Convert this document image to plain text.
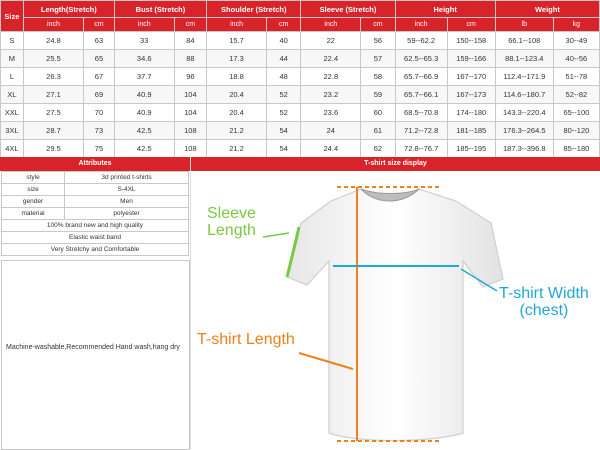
Size	Length(Stretch)		Bust (Stretch)		Shoulder (Stretch)		Sleeve (Stretch)		Height		Weight	
	inch	cm	inch	cm	inch	cm	inch	cm	inch	cm	lb	kg
S	24.8	63	33	84	15.7	40	22	56	59--62.2	150--158	66.1--108	30--49
M	25.5	65	34.6	88	17.3	44	22.4	57	62.5--65.3	159--166	88.1--123.4	40--56
L	26.3	67	37.7	96	18.8	48	22.8	58	65.7--66.9	167--170	112.4--171.9	51--78
XL	27.1	69	40.9	104	20.4	52	23.2	59	65.7--66.1	167--173	114.6--180.7	52--82
XXL	27.5	70	40.9	104	20.4	52	23.6	60	68.5--70.8	174--180	143.3--220.4	65--100
3XL	28.7	73	42.5	108	21.2	54	24	61	71.2--72.8	181--185	176.3--264.5	80--120
4XL	29.5	75	42.5	108	21.2	54	24.4	62	72.8--76.7	185--195	187.3--396.8	85--180
Attributes
style	3d printed t-shirts
size	S-4XL
gender	Men
material	polyester
100% brand new and high quality	
Elastic waist band	
Very Stretchy and Comfortable	
Machine-washable,Recommended Hand wash,hang dry
T-shirt size display
Sleeve
Length
T-shirt Width
(chest)
T-shirt Length
